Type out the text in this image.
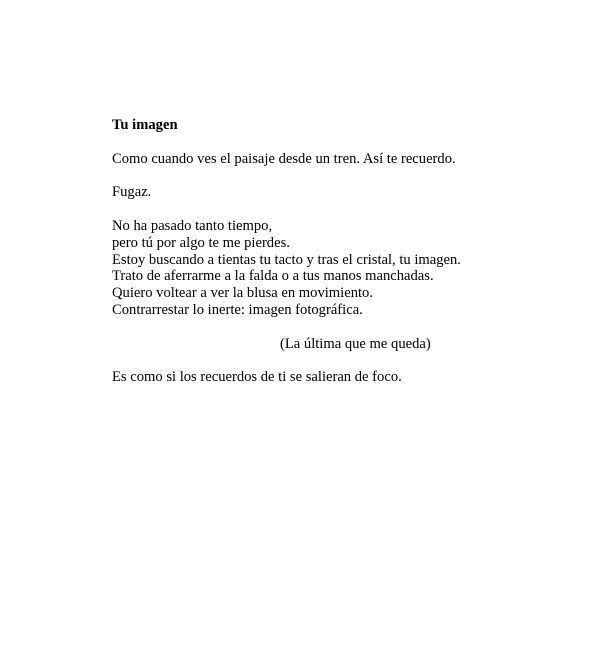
Tu imagen

Como cuando ves el paisaje desde un tren. Así te recuerdo.

Fugaz.

No ha pasado tanto tiempo,
pero tú por algo te me pierdes.
Estoy buscando a tientas tu tacto y tras el cristal, tu imagen.
Trato de aferrarme a la falda o a tus manos manchadas.
Quiero voltear a ver la blusa en movimiento.
Contrarrestar lo inerte: imagen fotográfica.

(La última que me queda)

Es como si los recuerdos de ti se salieran de foco.
